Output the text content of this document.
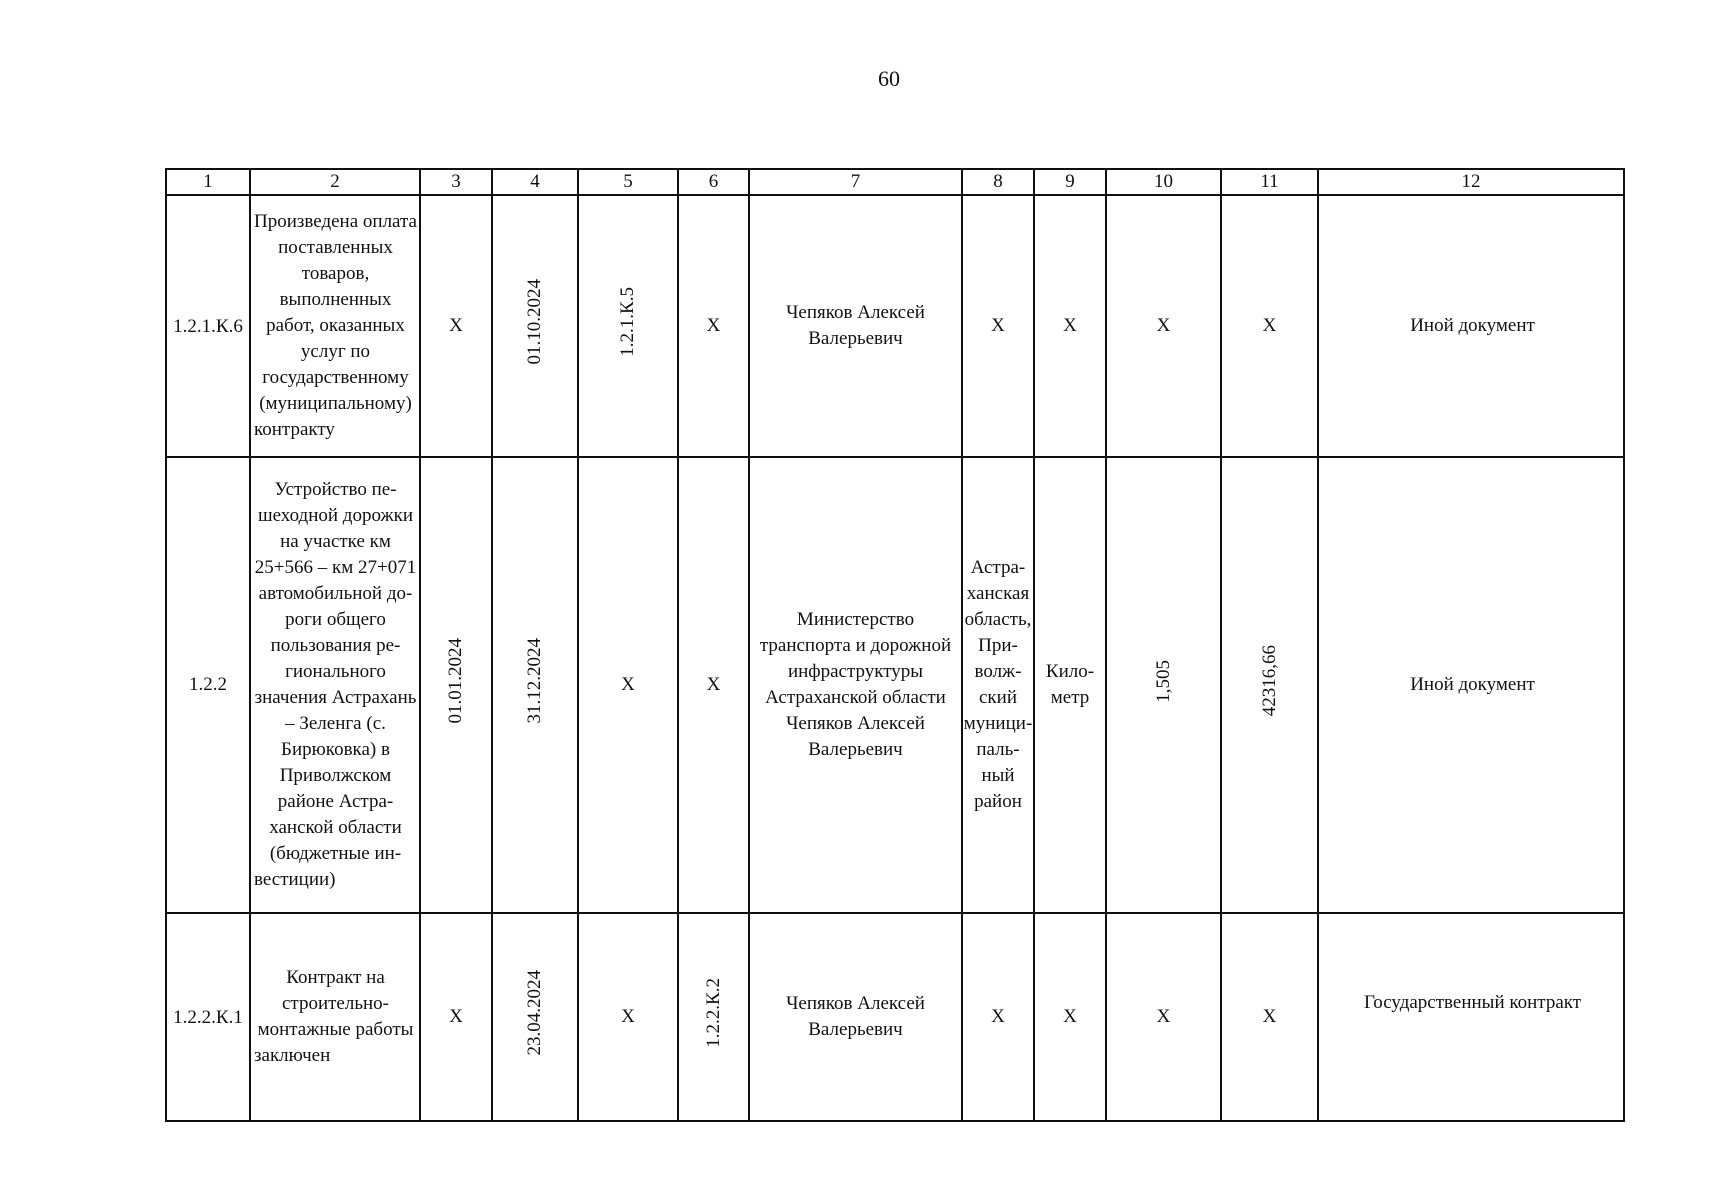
60
1	2	3	4	5	6	7	8	9	10	11	12
1.2.1.К.6	Произведена оплата поставленных товаров, выполненных работ, оказанных услуг по государственному (муниципальному) контракту	X	01.10.2024	1.2.1.К.5	X	Чепяков Алексей Валерьевич	X	X	X	X	Иной документ
1.2.2	Устройство пешеходной дорожки на участке км 25+566 – км 27+071 автомобильной дороги общего пользования регионального значения Астрахань – Зеленга (с. Бирюковка) в Приволжском районе Астраханской области (бюджетные инвестиции)	01.01.2024	31.12.2024	X	X	Министерство транспорта и дорожной инфраструктуры Астраханской области Чепяков Алексей Валерьевич	Астраханская область, Приволжский муниципальный район	Километр	1,505	42316,66	Иной документ
1.2.2.К.1	Контракт на строительно-монтажные работы заключен	X	23.04.2024	X	1.2.2.К.2	Чепяков Алексей Валерьевич	X	X	X	X	Государственный контракт
